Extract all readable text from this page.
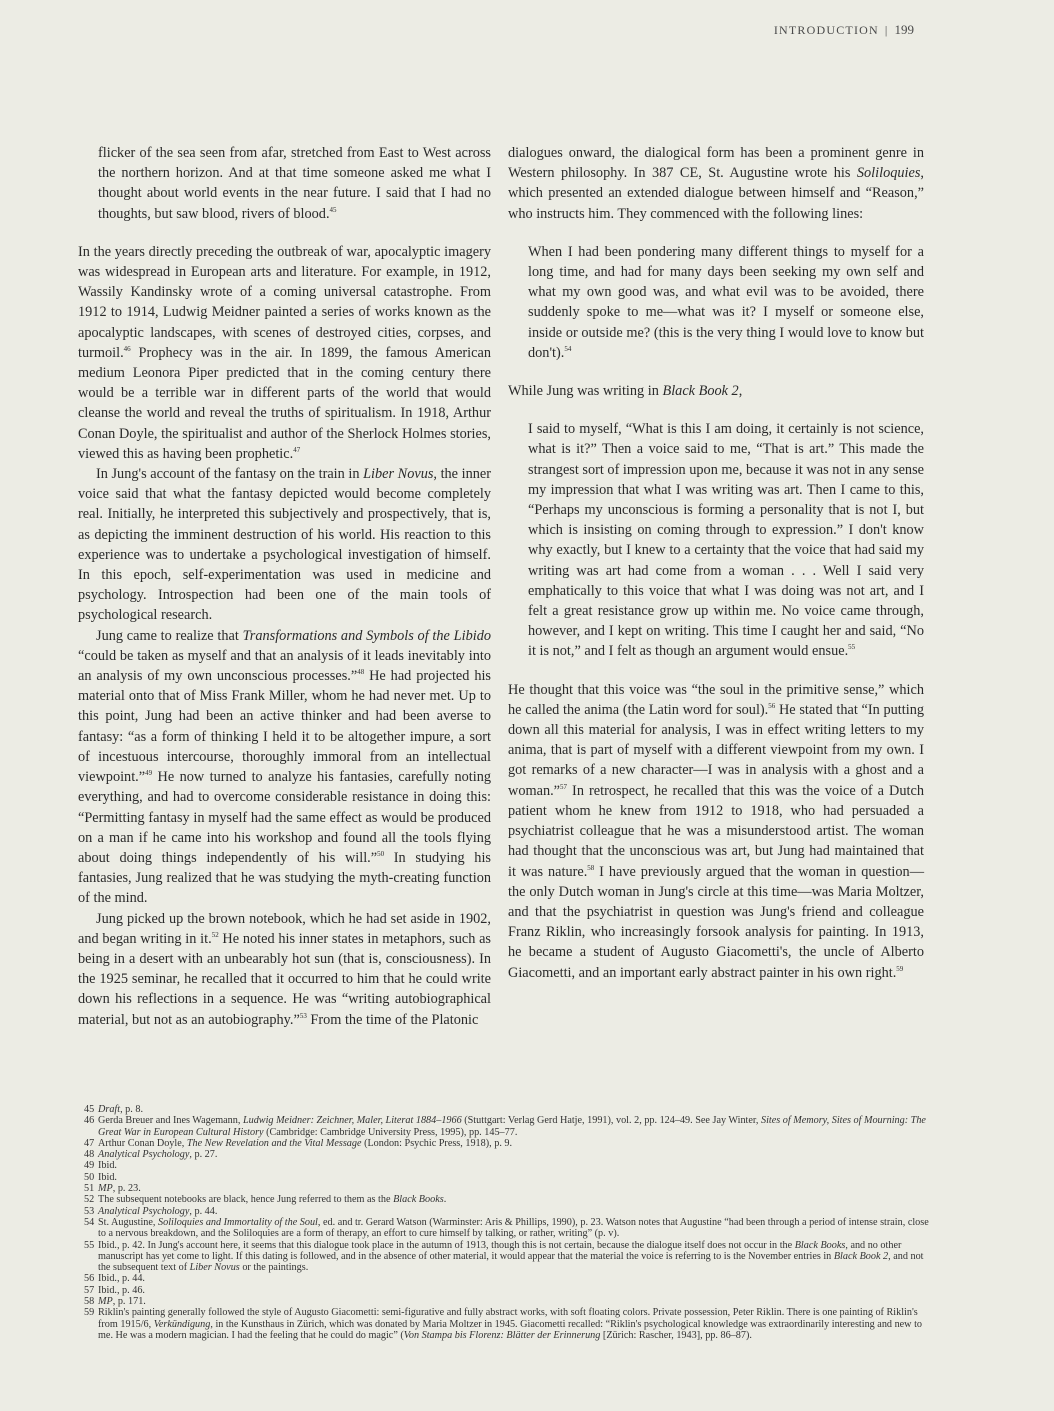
INTRODUCTION | 199

flicker of the sea seen from afar, stretched from East to West across the northern horizon. And at that time someone asked me what I thought about world events in the near future. I said that I had no thoughts, but saw blood, rivers of blood.$^{45}$

In the years directly preceding the outbreak of war, apocalyptic imagery was widespread in European arts and literature. For example, in 1912, Wassily Kandinsky wrote of a coming universal catastrophe. From 1912 to 1914, Ludwig Meidner painted a series of works known as the apocalyptic landscapes, with scenes of destroyed cities, corpses, and turmoil.$^{46}$ Prophecy was in the air. In 1899, the famous American medium Leonora Piper predicted that in the coming century there would be a terrible war in different parts of the world that would cleanse the world and reveal the truths of spiritualism. In 1918, Arthur Conan Doyle, the spiritualist and author of the Sherlock Holmes stories, viewed this as having been prophetic.$^{47}$

In Jung's account of the fantasy on the train in Liber Novus, the inner voice said that what the fantasy depicted would become completely real. Initially, he interpreted this subjectively and prospectively, that is, as depicting the imminent destruction of his world. His reaction to this experience was to undertake a psychological investigation of himself. In this epoch, self-experimentation was used in medicine and psychology. Introspection had been one of the main tools of psychological research.

Jung came to realize that Transformations and Symbols of the Libido “could be taken as myself and that an analysis of it leads inevitably into an analysis of my own unconscious processes.”$^{48}$ He had projected his material onto that of Miss Frank Miller, whom he had never met. Up to this point, Jung had been an active thinker and had been averse to fantasy: “as a form of thinking I held it to be altogether impure, a sort of incestuous intercourse, thoroughly immoral from an intellectual viewpoint.”$^{49}$ He now turned to analyze his fantasies, carefully noting everything, and had to overcome considerable resistance in doing this: “Permitting fantasy in myself had the same effect as would be produced on a man if he came into his workshop and found all the tools flying about doing things independently of his will.”$^{50}$ In studying his fantasies, Jung realized that he was studying the myth-creating function of the mind.

Jung picked up the brown notebook, which he had set aside in 1902, and began writing in it.$^{52}$ He noted his inner states in metaphors, such as being in a desert with an unbearably hot sun (that is, consciousness). In the 1925 seminar, he recalled that it occurred to him that he could write down his reflections in a sequence. He was “writing autobiographical material, but not as an autobiography.”$^{53}$ From the time of the Platonic

dialogues onward, the dialogical form has been a prominent genre in Western philosophy. In 387 CE, St. Augustine wrote his Soliloquies, which presented an extended dialogue between himself and “Reason,” who instructs him. They commenced with the following lines:

When I had been pondering many different things to myself for a long time, and had for many days been seeking my own self and what my own good was, and what evil was to be avoided, there suddenly spoke to me—what was it? I myself or someone else, inside or outside me? (this is the very thing I would love to know but don't).$^{54}$

While Jung was writing in Black Book 2,

I said to myself, “What is this I am doing, it certainly is not science, what is it?” Then a voice said to me, “That is art.” This made the strangest sort of impression upon me, because it was not in any sense my impression that what I was writing was art. Then I came to this, “Perhaps my unconscious is forming a personality that is not I, but which is insisting on coming through to expression.” I don't know why exactly, but I knew to a certainty that the voice that had said my writing was art had come from a woman . . . Well I said very emphatically to this voice that what I was doing was not art, and I felt a great resistance grow up within me. No voice came through, however, and I kept on writing. This time I caught her and said, “No it is not,” and I felt as though an argument would ensue.$^{55}$

He thought that this voice was “the soul in the primitive sense,” which he called the anima (the Latin word for soul).$^{56}$ He stated that “In putting down all this material for analysis, I was in effect writing letters to my anima, that is part of myself with a different viewpoint from my own. I got remarks of a new character—I was in analysis with a ghost and a woman.”$^{57}$ In retrospect, he recalled that this was the voice of a Dutch patient whom he knew from 1912 to 1918, who had persuaded a psychiatrist colleague that he was a misunderstood artist. The woman had thought that the unconscious was art, but Jung had maintained that it was nature.$^{58}$ I have previously argued that the woman in question—the only Dutch woman in Jung's circle at this time—was Maria Moltzer, and that the psychiatrist in question was Jung's friend and colleague Franz Riklin, who increasingly forsook analysis for painting. In 1913, he became a student of Augusto Giacometti's, the uncle of Alberto Giacometti, and an important early abstract painter in his own right.$^{59}$

45 Draft, p. 8.
46 Gerda Breuer and Ines Wagemann, Ludwig Meidner: Zeichner, Maler, Literat 1884–1966 (Stuttgart: Verlag Gerd Hatje, 1991), vol. 2, pp. 124–49. See Jay Winter, Sites of Memory, Sites of Mourning: The Great War in European Cultural History (Cambridge: Cambridge University Press, 1995), pp. 145–77.
47 Arthur Conan Doyle, The New Revelation and the Vital Message (London: Psychic Press, 1918), p. 9.
48 Analytical Psychology, p. 27.
49 Ibid.
50 Ibid.
51 MP, p. 23.
52 The subsequent notebooks are black, hence Jung referred to them as the Black Books.
53 Analytical Psychology, p. 44.
54 St. Augustine, Soliloquies and Immortality of the Soul, ed. and tr. Gerard Watson (Warminster: Aris & Phillips, 1990), p. 23. Watson notes that Augustine “had been through a period of intense strain, close to a nervous breakdown, and the Soliloquies are a form of therapy, an effort to cure himself by talking, or rather, writing” (p. v).
55 Ibid., p. 42. In Jung's account here, it seems that this dialogue took place in the autumn of 1913, though this is not certain, because the dialogue itself does not occur in the Black Books, and no other manuscript has yet come to light. If this dating is followed, and in the absence of other material, it would appear that the material the voice is referring to is the November entries in Black Book 2, and not the subsequent text of Liber Novus or the paintings.
56 Ibid., p. 44.
57 Ibid., p. 46.
58 MP, p. 171.
59 Riklin's painting generally followed the style of Augusto Giacometti: semi-figurative and fully abstract works, with soft floating colors. Private possession, Peter Riklin. There is one painting of Riklin's from 1915/6, Verkündigung, in the Kunsthaus in Zürich, which was donated by Maria Moltzer in 1945. Giacometti recalled: “Riklin's psychological knowledge was extraordinarily interesting and new to me. He was a modern magician. I had the feeling that he could do magic” (Von Stampa bis Florenz: Blätter der Erinnerung [Zürich: Rascher, 1943], pp. 86–87).
